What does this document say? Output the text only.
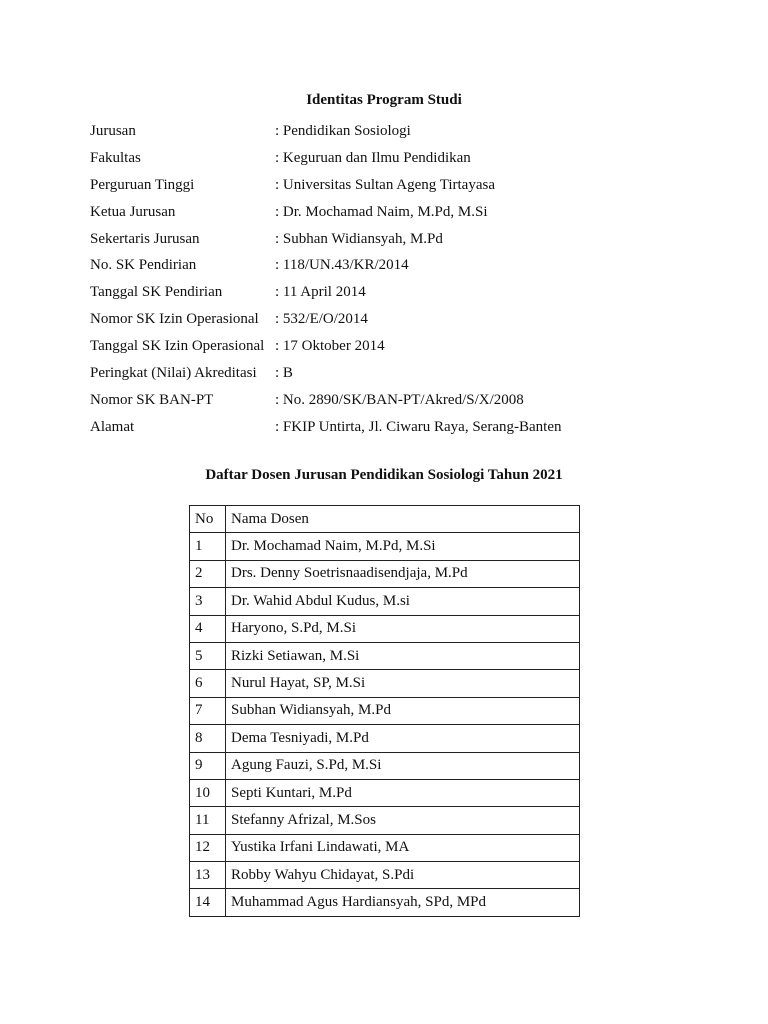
Identitas Program Studi
Jurusan	: Pendidikan Sosiologi
Fakultas	: Keguruan dan Ilmu Pendidikan
Perguruan Tinggi	: Universitas Sultan Ageng Tirtayasa
Ketua Jurusan	: Dr. Mochamad Naim, M.Pd, M.Si
Sekertaris Jurusan	: Subhan Widiansyah, M.Pd
No. SK Pendirian	: 118/UN.43/KR/2014
Tanggal SK Pendirian	: 11 April 2014
Nomor SK Izin Operasional	: 532/E/O/2014
Tanggal SK Izin Operasional : 17 Oktober 2014
Peringkat (Nilai) Akreditasi	: B
Nomor SK BAN-PT	: No. 2890/SK/BAN-PT/Akred/S/X/2008
Alamat	: FKIP Untirta, Jl. Ciwaru Raya, Serang-Banten
Daftar Dosen Jurusan Pendidikan Sosiologi Tahun 2021
No	Nama Dosen
1	Dr. Mochamad Naim, M.Pd, M.Si
2	Drs. Denny Soetrisnaadisendjaja, M.Pd
3	Dr. Wahid Abdul Kudus, M.si
4	Haryono, S.Pd, M.Si
5	Rizki Setiawan, M.Si
6	Nurul Hayat, SP, M.Si
7	Subhan Widiansyah, M.Pd
8	Dema Tesniyadi, M.Pd
9	Agung Fauzi, S.Pd, M.Si
10	Septi Kuntari, M.Pd
11	Stefanny Afrizal, M.Sos
12	Yustika Irfani Lindawati, MA
13	Robby Wahyu Chidayat, S.Pdi
14	Muhammad Agus Hardiansyah, SPd, MPd
